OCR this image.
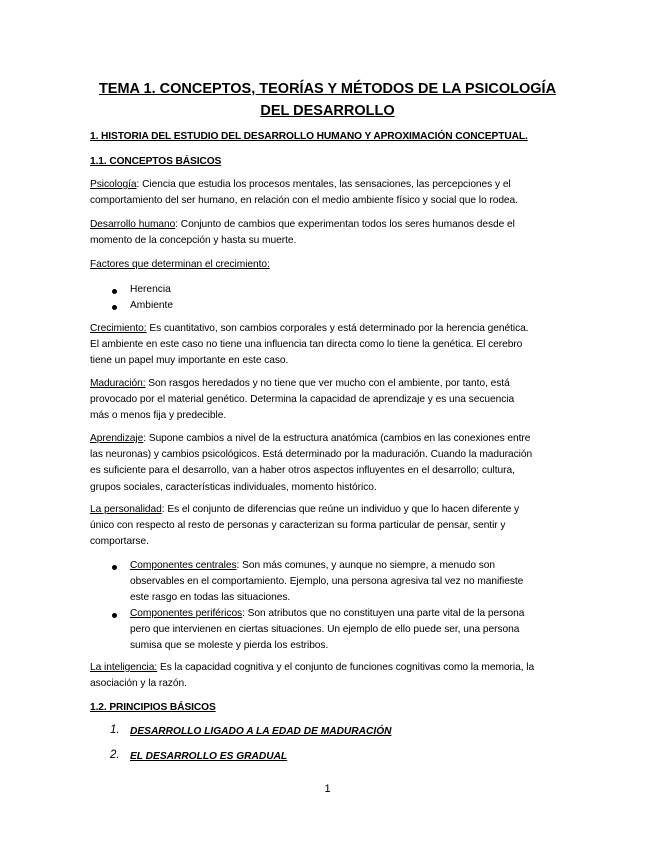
TEMA 1. CONCEPTOS, TEORÍAS Y MÉTODOS DE LA PSICOLOGÍA
DEL DESARROLLO
1. HISTORIA DEL ESTUDIO DEL DESARROLLO HUMANO Y APROXIMACIÓN CONCEPTUAL.
1.1. CONCEPTOS BÁSICOS
Psicología: Ciencia que estudia los procesos mentales, las sensaciones, las percepciones y el
comportamiento del ser humano, en relación con el medio ambiente físico y social que lo rodea.
Desarrollo humano: Conjunto de cambios que experimentan todos los seres humanos desde el
momento de la concepción y hasta su muerte.
Factores que determinan el crecimiento:
Herencia
Ambiente
Crecimiento: Es cuantitativo, son cambios corporales y está determinado por la herencia genética.
El ambiente en este caso no tiene una influencia tan directa como lo tiene la genética. El cerebro
tiene un papel muy importante en este caso.
Maduración: Son rasgos heredados y no tiene que ver mucho con el ambiente, por tanto, está
provocado por el material genético. Determina la capacidad de aprendizaje y es una secuencia
más o menos fija y predecible.
Aprendizaje: Supone cambios a nivel de la estructura anatómica (cambios en las conexiones entre
las neuronas) y cambios psicológicos. Está determinado por la maduración. Cuando la maduración
es suficiente para el desarrollo, van a haber otros aspectos influyentes en el desarrollo; cultura,
grupos sociales, características individuales, momento histórico.
La personalidad: Es el conjunto de diferencias que reúne un individuo y que lo hacen diferente y
único con respecto al resto de personas y caracterizan su forma particular de pensar, sentir y
comportarse.
Componentes centrales: Son más comunes, y aunque no siempre, a menudo son
observables en el comportamiento. Ejemplo, una persona agresiva tal vez no manifieste
este rasgo en todas las situaciones.
Componentes periféricos: Son atributos que no constituyen una parte vital de la persona
pero que intervienen en ciertas situaciones. Un ejemplo de ello puede ser, una persona
sumisa que se moleste y pierda los estribos.
La inteligencia: Es la capacidad cognitiva y el conjunto de funciones cognitivas como la memoria, la
asociación y la razón.
1.2. PRINCIPIOS BÁSICOS
1. DESARROLLO LIGADO A LA EDAD DE MADURACIÓN
2. EL DESARROLLO ES GRADUAL
1
